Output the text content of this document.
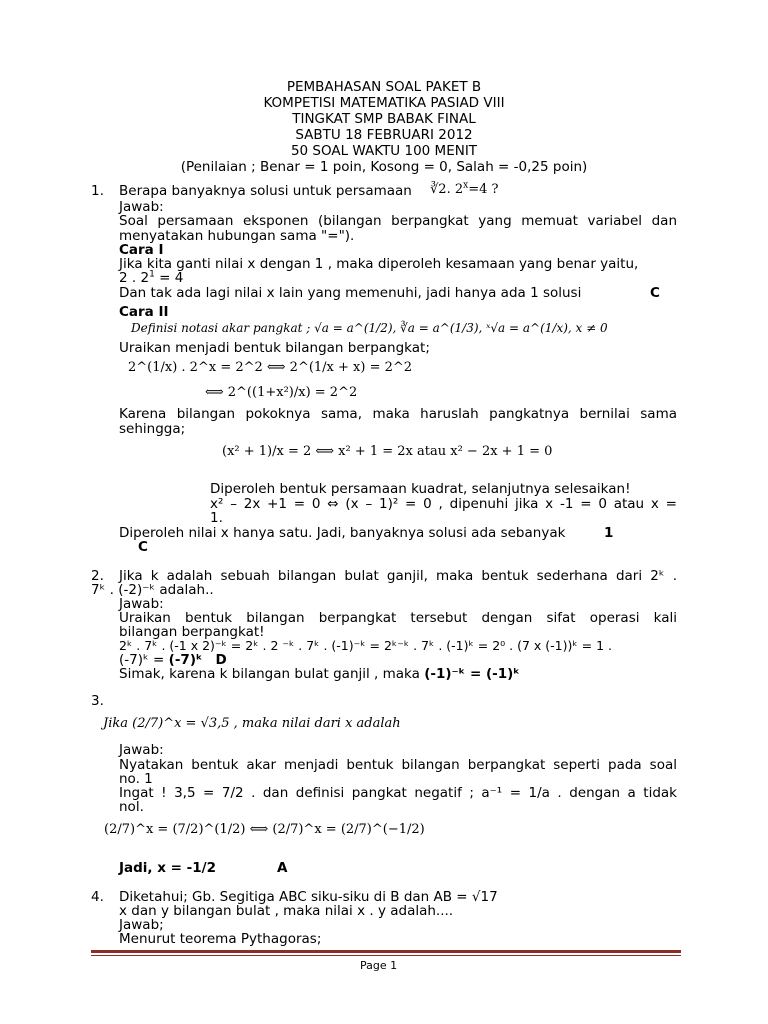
PEMBAHASAN SOAL PAKET B
KOMPETISI MATEMATIKA PASIAD VIII
TINGKAT SMP BABAK FINAL
SABTU 18 FEBRUARI 2012
50 SOAL WAKTU 100 MENIT
(Penilaian ; Benar = 1 poin, Kosong = 0, Salah = -0,25 poin)
1. Berapa banyaknya solusi untuk persamaan ∛2. $2^x=4$ ?
Jawab:
Soal persamaan eksponen (bilangan berpangkat yang memuat variabel dan
menyatakan hubungan sama "=").
Cara I
Jika kita ganti nilai x dengan 1 , maka diperoleh kesamaan yang benar yaitu,
2 . $2^1 = 4$
Dan tak ada lagi nilai x lain yang memenuhi, jadi hanya ada 1 solusi	C
Cara II
Definisi notasi akar pangkat ; √a = a^(1/2), ∛a = a^(1/3), ˣ√a = a^(1/x), x ≠ 0
Uraikan menjadi bentuk bilangan berpangkat;
2^(1/x) . 2^x = 2^2 ⟺ 2^(1/x + x) = 2^2
⟺ 2^((1+x²)/x) = 2^2
Karena bilangan pokoknya sama, maka haruslah pangkatnya bernilai sama
sehingga;
(x² + 1)/x = 2 ⟺ x² + 1 = 2x atau x² − 2x + 1 = 0
Diperoleh bentuk persamaan kuadrat, selanjutnya selesaikan!
x² – 2x +1 = 0 ⇔ (x – 1)² = 0 , dipenuhi jika x -1 = 0 atau x =
1.
Diperoleh nilai x hanya satu. Jadi, banyaknya solusi ada sebanyak	1
C
2. Jika k adalah sebuah bilangan bulat ganjil, maka bentuk sederhana dari 2ᵏ .
7ᵏ . (-2)⁻ᵏ adalah..
Jawab:
Uraikan bentuk bilangan berpangkat tersebut dengan sifat operasi kali
bilangan berpangkat!
2ᵏ . 7ᵏ . (-1 x 2)⁻ᵏ = 2ᵏ . 2 ⁻ᵏ . 7ᵏ . (-1)⁻ᵏ = 2ᵏ⁻ᵏ . 7ᵏ . (-1)ᵏ = 2⁰ . (7 x (-1))ᵏ = 1 .
(-7)ᵏ = (-7)ᵏ D
Simak, karena k bilangan bulat ganjil , maka (-1)⁻ᵏ = (-1)ᵏ
3.
Jika (2/7)^x = √3,5 , maka nilai dari x adalah
Jawab:
Nyatakan bentuk akar menjadi bentuk bilangan berpangkat seperti pada soal
no. 1
Ingat ! 3,5 = 7/2 . dan definisi pangkat negatif ; a⁻¹ = 1/a . dengan a tidak
nol.
(2/7)^x = (7/2)^(1/2) ⟺ (2/7)^x = (2/7)^(−1/2)
Jadi, x = -1/2	A
4. Diketahui; Gb. Segitiga ABC siku-siku di B dan AB = √17
x dan y bilangan bulat , maka nilai x . y adalah....
Jawab;
Menurut teorema Pythagoras;
Page 1
